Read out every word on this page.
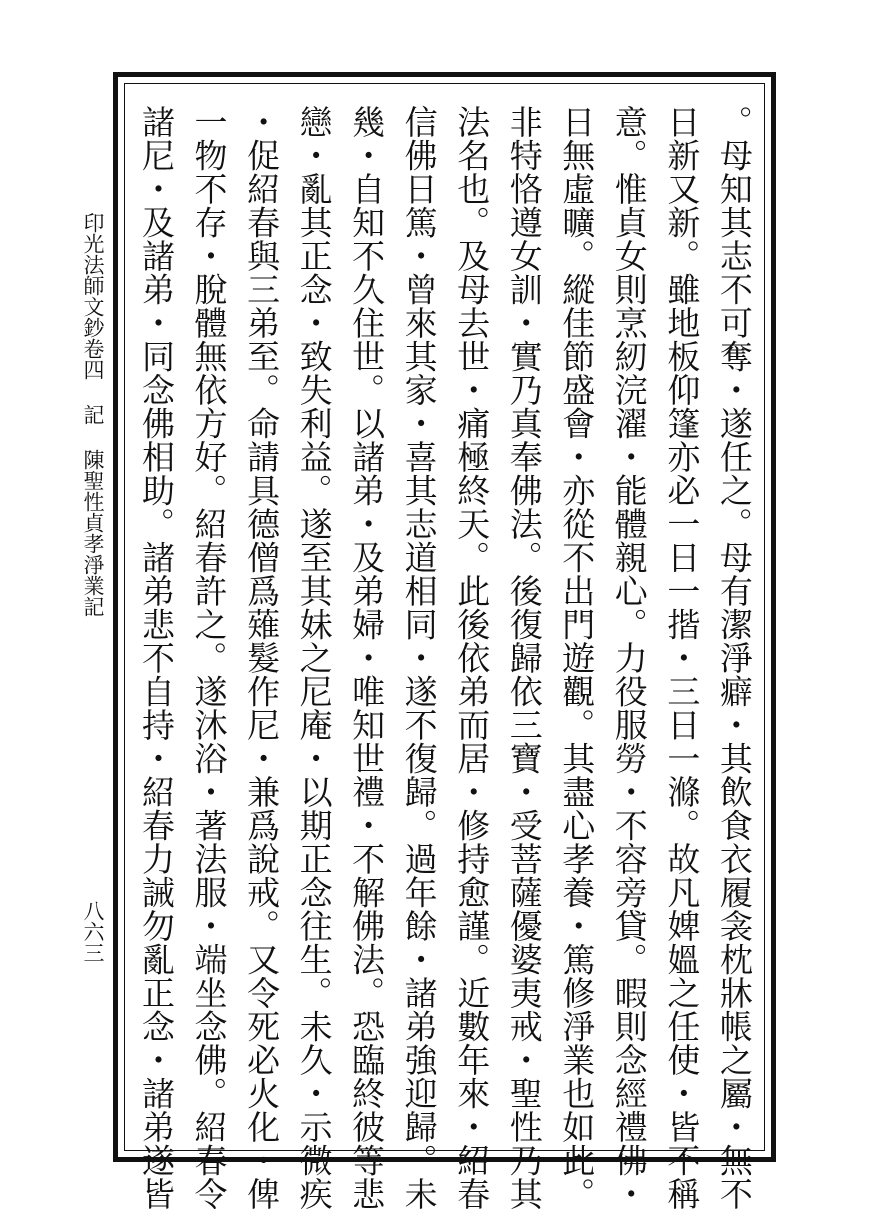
。母知其志不可奪・遂任之。母有潔淨癖・其飲食衣履衾枕牀帳之屬・無不
日新又新。雖地板仰篷亦必一日一揩・三日一滌。故凡婢媼之任使・皆不稱
意。惟貞女則烹紉浣濯・能體親心。力役服勞・不容旁貸。暇則念經禮佛・
日無虛曠。縱佳節盛會・亦從不出門遊觀。其盡心孝養・篤修淨業也如此。
非特恪遵女訓・實乃真奉佛法。後復歸依三寶・受菩薩優婆夷戒・聖性乃其
法名也。及母去世・痛極終天。此後依弟而居・修持愈謹。近數年來・紹春
信佛日篤・曾來其家・喜其志道相同・遂不復歸。過年餘・諸弟強迎歸。未
幾・自知不久住世。以諸弟・及弟婦・唯知世禮・不解佛法。恐臨終彼等悲
戀・亂其正念・致失利益。遂至其妹之尼庵・以期正念往生。未久・示微疾
・促紹春與三弟至。命請具德僧爲薙髮作尼・兼爲說戒。又令死必火化・俾
一物不存・脫體無依方好。紹春許之。遂沐浴・著法服・端坐念佛。紹春令
諸尼・及諸弟・同念佛相助。諸弟悲不自持・紹春力誡勿亂正念・諸弟遂皆
印光法師文鈔卷四記陳聖性貞孝淨業記
八六三
